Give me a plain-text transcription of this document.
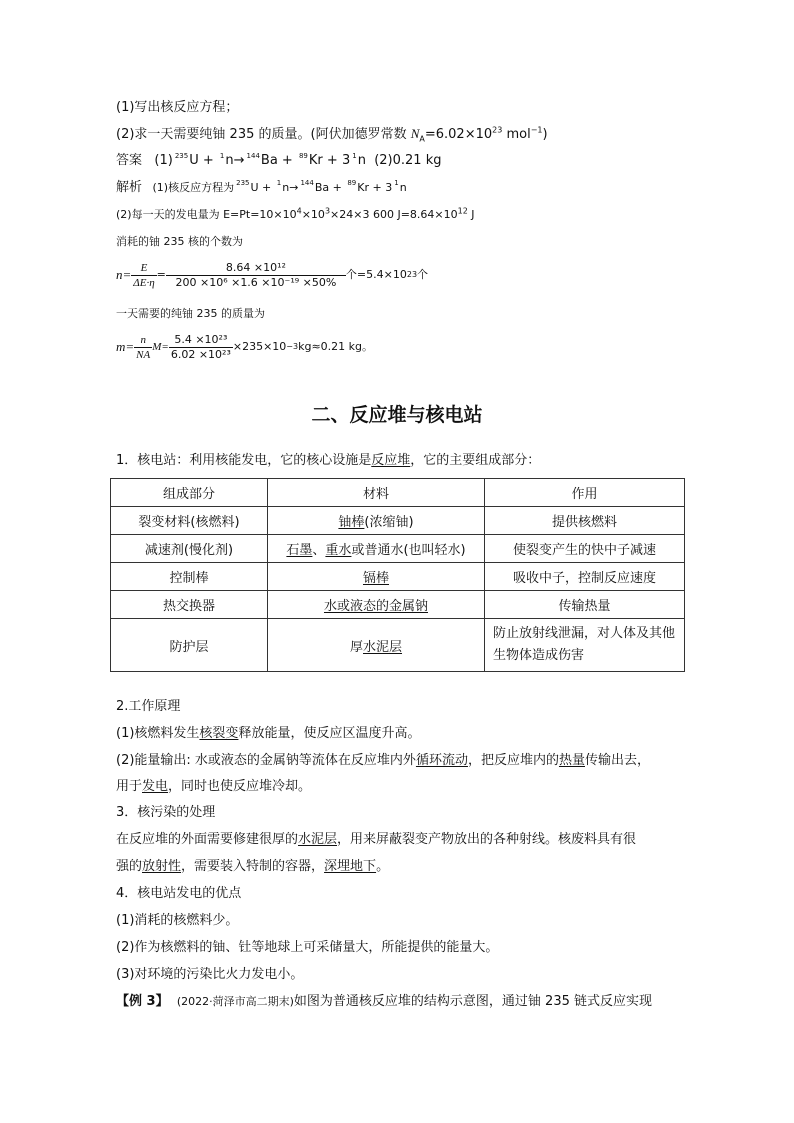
(1)写出核反应方程；
(2)求一天需要纯铀 235 的质量。(阿伏加德罗常数 $N_A=6.02\times 10^{23}$ mol$^{-1}$)
答案 (1) $^{235}$U + $^1$n→ $^{144}$Ba + $^{89}$Kr + 3 $^1$n (2)0.21 kg
解析 (1)核反应方程为 $^{235}$U + $^1$n→ $^{144}$Ba + $^{89}$Kr + 3 $^1$n
(2)每一天的发电量为 $E=Pt=10\times 10^4\times 10^3\times 24\times 3$ 600 $J=8.64\times 10^{12}$ J
消耗的铀 235 核的个数为
$n= \frac{E}{\Delta E\cdot\eta} = \frac{\text{8.64 ×10¹²}}{\text{200 ×10⁶ ×1.6 ×10⁻¹⁹ ×50\%}}$ 个=5.4×10 23 个
一天需要的纯铀 235 的质量为
$m= \frac{n}{NA} M= \frac{\text{5.4 ×10²³}}{\text{6.02 ×10²³}} \times 235\times 10 -3$ kg≈0.21 kg。
二、反应堆与核电站
1．核电站：利用核能发电，它的核心设施是反应堆，它的主要组成部分：
组成部分	材料	作用
裂变材料(核燃料)	铀棒(浓缩铀)	提供核燃料
减速剂(慢化剂)	石墨、重水或普通水(也叫轻水)	使裂变产生的快中子减速
控制棒	镉棒	吸收中子，控制反应速度
热交换器	水或液态的金属钠	传输热量
防护层	厚水泥层	防止放射线泄漏，对人体及其他生物体造成伤害
2.工作原理
(1)核燃料发生核裂变释放能量，使反应区温度升高。
(2)能量输出: 水或液态的金属钠等流体在反应堆内外循环流动，把反应堆内的热量传输出去，
用于发电，同时也使反应堆冷却。
3．核污染的处理
在反应堆的外面需要修建很厚的水泥层，用来屏蔽裂变产物放出的各种射线。核废料具有很
强的放射性，需要装入特制的容器，深埋地下。
4．核电站发电的优点
(1)消耗的核燃料少。
(2)作为核燃料的铀、钍等地球上可采储量大，所能提供的能量大。
(3)对环境的污染比火力发电小。
【例 3】 (2022·菏泽市高二期末)如图为普通核反应堆的结构示意图，通过铀 235 链式反应实现
